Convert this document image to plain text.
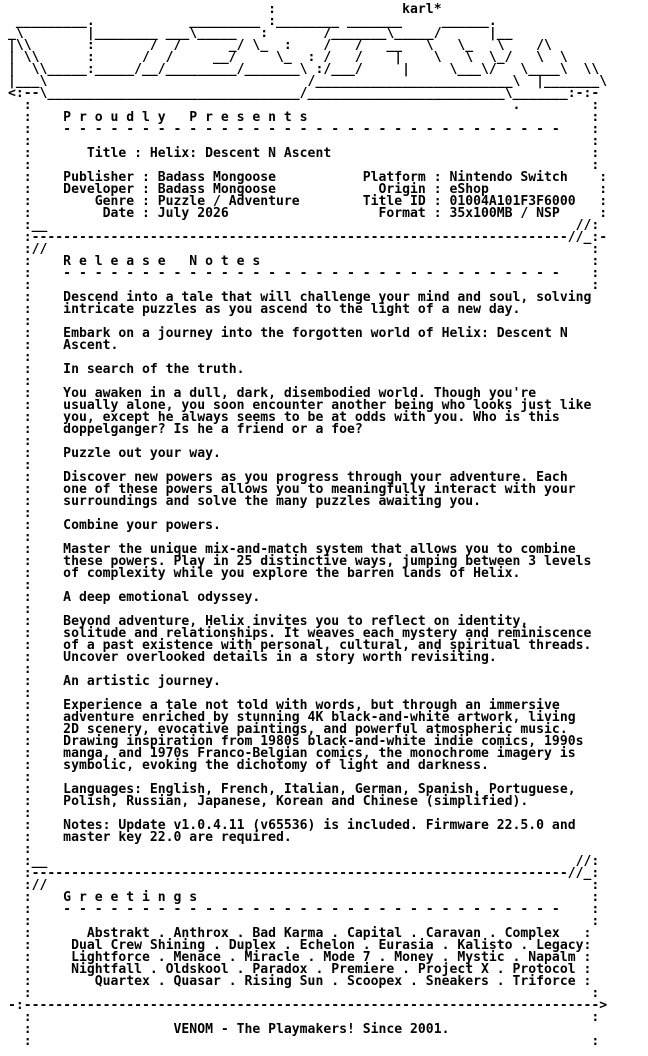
:                karl*
_________.            _________ :________ _______     ______.
_\        |________ ___\_____   :       /_______\_____/      |__
|\\       :       /  /      _/ \_  :    /   /   __   \   \_   \    /\
| \\      :      /  /     __/     \_  : /   /    |    \   \  \_/   \  \
|  \\_____:_____/__/_________/_______\ :/___/     |     \___\/   \____\  \\
|___\                                 /_________________________\  |_______\
<:--\________________________________/_________________________\_______:-:-
:                                                             .         :
:    P r o u d l y   P r e s e n t s                                    :
:    - - - - - - - - - - - - - - - - - - - - - - - - - - - - - - - -    :
:                                                                       :
:       Title : Helix: Descent N Ascent                                 :
:                                                                       :
:    Publisher : Badass Mongoose           Platform : Nintendo Switch    :
:    Developer : Badass Mongoose             Origin : eShop              :
:        Genre : Puzzle / Adventure        Title ID : 01004A101F3F6000   :
:         Date : July 2026                   Format : 35x100MB / NSP     :
:__                                                                   //:
:--------------------------------------------------------------------//_:-
://                                                                     :
:    R e l e a s e   N o t e s                                          :
:    - - - - - - - - - - - - - - - - - - - - - - - - - - - - - - - -    :
:                                                                       :
:    Descend into a tale that will challenge your mind and soul, solving
:    intricate puzzles as you ascend to the light of a new day.
:
:    Embark on a journey into the forgotten world of Helix: Descent N
:    Ascent.
:
:    In search of the truth.
:
:    You awaken in a dull, dark, disembodied world. Though you're
:    usually alone, you soon encounter another being who looks just like
:    you, except he always seems to be at odds with you. Who is this
:    doppelganger? Is he a friend or a foe?
:
:    Puzzle out your way.
:
:    Discover new powers as you progress through your adventure. Each
:    one of these powers allows you to meaningfully interact with your
:    surroundings and solve the many puzzles awaiting you.
:
:    Combine your powers.
:
:    Master the unique mix-and-match system that allows you to combine
:    these powers. Play in 25 distinctive ways, jumping between 3 levels
:    of complexity while you explore the barren lands of Helix.
:
:    A deep emotional odyssey.
:
:    Beyond adventure, Helix invites you to reflect on identity,
:    solitude and relationships. It weaves each mystery and reminiscence
:    of a past existence with personal, cultural, and spiritual threads.
:    Uncover overlooked details in a story worth revisiting.
:
:    An artistic journey.
:
:    Experience a tale not told with words, but through an immersive
:    adventure enriched by stunning 4K black-and-white artwork, living
:    2D scenery, evocative paintings, and powerful atmospheric music.
:    Drawing inspiration from 1980s black-and-white indie comics, 1990s
:    manga, and 1970s Franco-Belgian comics, the monochrome imagery is
:    symbolic, evoking the dichotomy of light and darkness.
:
:    Languages: English, French, Italian, German, Spanish, Portuguese,
:    Polish, Russian, Japanese, Korean and Chinese (simplified).
:
:    Notes: Update v1.0.4.11 (v65536) is included. Firmware 22.5.0 and
:    master key 22.0 are required.
:
:__                                                                   //:
:--------------------------------------------------------------------//_:
://                                                                     :
:    G r e e t i n g s                                                  :
:    - - - - - - - - - - - - - - - - - - - - - - - - - - - - - - - -    :
:                                                                       :
:       Abstrakt . Anthrox . Bad Karma . Capital . Caravan . Complex   :
:     Dual Crew Shining . Duplex . Echelon . Eurasia . Kalisto . Legacy:
:     Lightforce . Menace . Miracle . Mode 7 . Money . Mystic . Napalm :
:     Nightfall . Oldskool . Paradox . Premiere . Project X . Protocol :
:        Quartex . Quasar . Rising Sun . Scoopex . Sneakers . Triforce :
:                                                                       :
-:------------------------------------------------------------------------->
:                                                                       :
:                  VENOM - The Playmakers! Since 2001.
:                                                                       :
